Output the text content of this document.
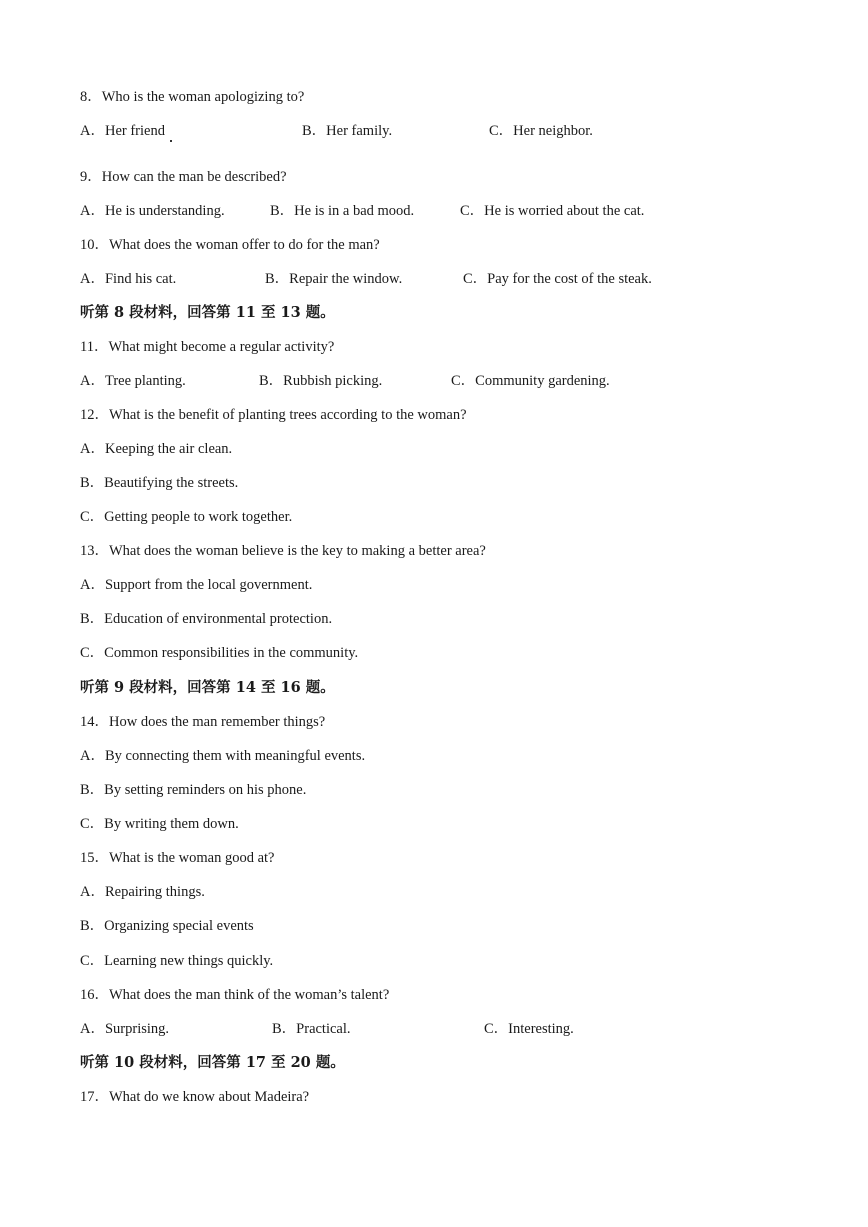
8．Who is the woman apologizing to?
A．Her friend	B．Her family.	C．Her neighbor.
9．How can the man be described?
A．He is understanding.	B．He is in a bad mood.	C．He is worried about the cat.
10．What does the woman offer to do for the man?
A．Find his cat.	B．Repair the window.	C．Pay for the cost of the steak.
听第 8 段材料，回答第 11 至 13 题。
11．What might become a regular activity?
A．Tree planting.	B．Rubbish picking.	C．Community gardening.
12．What is the benefit of planting trees according to the woman?
A．Keeping the air clean.
B．Beautifying the streets.
C．Getting people to work together.
13．What does the woman believe is the key to making a better area?
A．Support from the local government.
B．Education of environmental protection.
C．Common responsibilities in the community.
听第 9 段材料，回答第 14 至 16 题。
14．How does the man remember things?
A．By connecting them with meaningful events.
B．By setting reminders on his phone.
C．By writing them down.
15．What is the woman good at?
A．Repairing things.
B．Organizing special events
C．Learning new things quickly.
16．What does the man think of the woman’s talent?
A．Surprising.	B．Practical.	C．Interesting.
听第 10 段材料，回答第 17 至 20 题。
17．What do we know about Madeira?
